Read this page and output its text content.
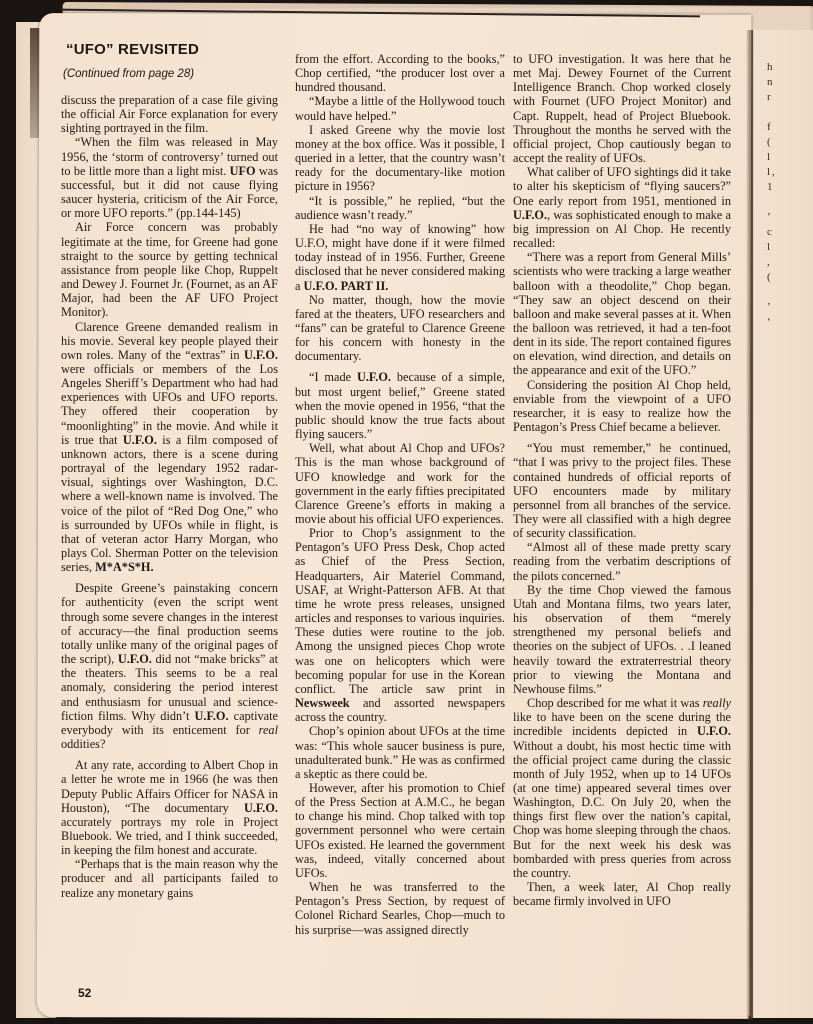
h
n
r

f
(
l
l,
1

’
c
l
,
(

’
‘
“UFO” REVISITED
(Continued from page 28)

discuss the preparation of a case file giving the official Air Force explanation for every sighting portrayed in the film.

“When the film was released in May 1956, the ‘storm of controversy’ turned out to be little more than a light mist. UFO was successful, but it did not cause flying saucer hysteria, criticism of the Air Force, or more UFO reports.” (pp.144-145)

Air Force concern was probably legitimate at the time, for Greene had gone straight to the source by getting technical assistance from people like Chop, Ruppelt and Dewey J. Fournet Jr. (Fournet, as an AF Major, had been the AF UFO Project Monitor).

Clarence Greene demanded realism in his movie. Several key people played their own roles. Many of the “extras” in U.F.O. were officials or members of the Los Angeles Sheriff’s Department who had had experiences with UFOs and UFO reports. They offered their cooperation by “moonlighting” in the movie. And while it is true that U.F.O. is a film composed of unknown actors, there is a scene during portrayal of the legendary 1952 radar-visual, sightings over Washington, D.C. where a well-known name is involved. The voice of the pilot of “Red Dog One,” who is surrounded by UFOs while in flight, is that of veteran actor Harry Morgan, who plays Col. Sherman Potter on the television series, M*A*S*H.

Despite Greene’s painstaking concern for authenticity (even the script went through some severe changes in the interest of accuracy—the final production seems totally unlike many of the original pages of the script), U.F.O. did not “make bricks” at the theaters. This seems to be a real anomaly, considering the period interest and enthusiasm for unusual and science-fiction films. Why didn’t U.F.O. captivate everybody with its enticement for real oddities?

At any rate, according to Albert Chop in a letter he wrote me in 1966 (he was then Deputy Public Affairs Officer for NASA in Houston), “The documentary U.F.O. accurately portrays my role in Project Bluebook. We tried, and I think succeeded, in keeping the film honest and accurate.

“Perhaps that is the main reason why the producer and all participants failed to realize any monetary gains

from the effort. According to the books,” Chop certified, “the producer lost over a hundred thousand.

“Maybe a little of the Hollywood touch would have helped.”

I asked Greene why the movie lost money at the box office. Was it possible, I queried in a letter, that the country wasn’t ready for the documentary-like motion picture in 1956?

“It is possible,” he replied, “but the audience wasn’t ready.”

He had “no way of knowing” how U.F.O, might have done if it were filmed today instead of in 1956. Further, Greene disclosed that he never considered making a U.F.O. PART II.

No matter, though, how the movie fared at the theaters, UFO researchers and “fans” can be grateful to Clarence Greene for his concern with honesty in the documentary.

“I made U.F.O. because of a simple, but most urgent belief,” Greene stated when the movie opened in 1956, “that the public should know the true facts about flying saucers.”

Well, what about Al Chop and UFOs? This is the man whose background of UFO knowledge and work for the government in the early fifties precipitated Clarence Greene’s efforts in making a movie about his official UFO experiences.

Prior to Chop’s assignment to the Pentagon’s UFO Press Desk, Chop acted as Chief of the Press Section, Headquarters, Air Materiel Command, USAF, at Wright-Patterson AFB. At that time he wrote press releases, unsigned articles and responses to various inquiries. These duties were routine to the job. Among the unsigned pieces Chop wrote was one on helicopters which were becoming popular for use in the Korean conflict. The article saw print in Newsweek and assorted newspapers across the country.

Chop’s opinion about UFOs at the time was: “This whole saucer business is pure, unadulterated bunk.” He was as confirmed a skeptic as there could be.

However, after his promotion to Chief of the Press Section at A.M.C., he began to change his mind. Chop talked with top government personnel who were certain UFOs existed. He learned the government was, indeed, vitally concerned about UFOs.

When he was transferred to the Pentagon’s Press Section, by request of Colonel Richard Searles, Chop—much to his surprise—was assigned directly

to UFO investigation. It was here that he met Maj. Dewey Fournet of the Current Intelligence Branch. Chop worked closely with Fournet (UFO Project Monitor) and Capt. Ruppelt, head of Project Bluebook. Throughout the months he served with the official project, Chop cautiously began to accept the reality of UFOs.

What caliber of UFO sightings did it take to alter his skepticism of “flying saucers?” One early report from 1951, mentioned in U.F.O., was sophisticated enough to make a big impression on Al Chop. He recently recalled:

“There was a report from General Mills’ scientists who were tracking a large weather balloon with a theodolite,” Chop began. “They saw an object descend on their balloon and make several passes at it. When the balloon was retrieved, it had a ten-foot dent in its side. The report contained figures on elevation, wind direction, and details on the appearance and exit of the UFO.”

Considering the position Al Chop held, enviable from the viewpoint of a UFO researcher, it is easy to realize how the Pentagon’s Press Chief became a believer.

“You must remember,” he continued, “that I was privy to the project files. These contained hundreds of official reports of UFO encounters made by military personnel from all branches of the service. They were all classified with a high degree of security classification.

“Almost all of these made pretty scary reading from the verbatim descriptions of the pilots concerned.”

By the time Chop viewed the famous Utah and Montana films, two years later, his observation of them “merely strengthened my personal beliefs and theories on the subject of UFOs. . .I leaned heavily toward the extraterrestrial theory prior to viewing the Montana and Newhouse films.”

Chop described for me what it was really like to have been on the scene during the incredible incidents depicted in U.F.O. Without a doubt, his most hectic time with the official project came during the classic month of July 1952, when up to 14 UFOs (at one time) appeared several times over Washington, D.C. On July 20, when the things first flew over the nation’s capital, Chop was home sleeping through the chaos. But for the next week his desk was bombarded with press queries from across the country.

Then, a week later, Al Chop really became firmly involved in UFO

52
